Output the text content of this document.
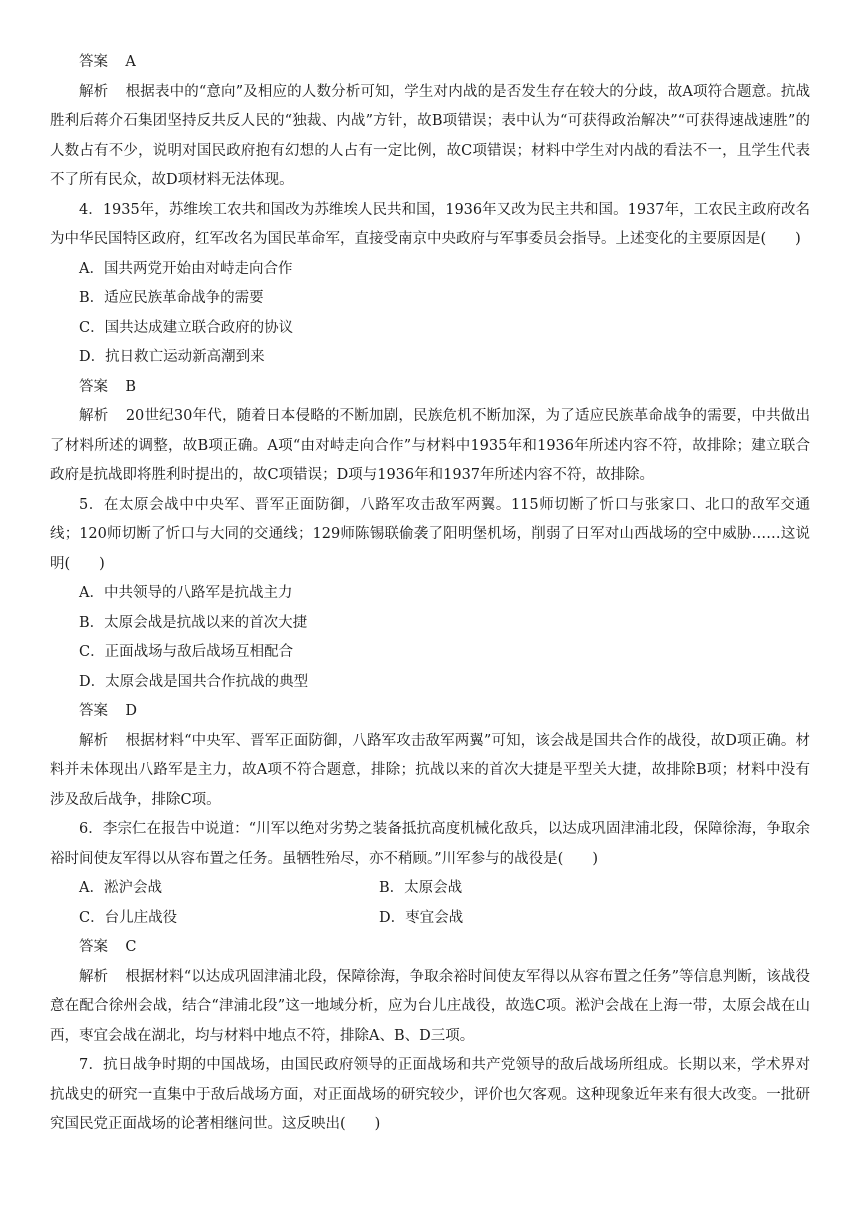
答案 A

解析 根据表中的“意向”及相应的人数分析可知，学生对内战的是否发生存在较大的分歧，故A项符合题意。抗战胜利后蒋介石集团坚持反共反人民的“独裁、内战”方针，故B项错误；表中认为“可获得政治解决”“可获得速战速胜”的人数占有不少，说明对国民政府抱有幻想的人占有一定比例，故C项错误；材料中学生对内战的看法不一，且学生代表不了所有民众，故D项材料无法体现。

4．1935年，苏维埃工农共和国改为苏维埃人民共和国，1936年又改为民主共和国。1937年，工农民主政府改名为中华民国特区政府，红军改名为国民革命军，直接受南京中央政府与军事委员会指导。上述变化的主要原因是(　　)

A．国共两党开始由对峙走向合作

B．适应民族革命战争的需要

C．国共达成建立联合政府的协议

D．抗日救亡运动新高潮到来

答案 B

解析 20世纪30年代，随着日本侵略的不断加剧，民族危机不断加深，为了适应民族革命战争的需要，中共做出了材料所述的调整，故B项正确。A项“由对峙走向合作”与材料中1935年和1936年所述内容不符，故排除；建立联合政府是抗战即将胜利时提出的，故C项错误；D项与1936年和1937年所述内容不符，故排除。

5．在太原会战中中央军、晋军正面防御，八路军攻击敌军两翼。115师切断了忻口与张家口、北口的敌军交通线；120师切断了忻口与大同的交通线；129师陈锡联偷袭了阳明堡机场，削弱了日军对山西战场的空中威胁……这说明(　　)

A．中共领导的八路军是抗战主力

B．太原会战是抗战以来的首次大捷

C．正面战场与敌后战场互相配合

D．太原会战是国共合作抗战的典型

答案 D

解析 根据材料“中央军、晋军正面防御，八路军攻击敌军两翼”可知，该会战是国共合作的战役，故D项正确。材料并未体现出八路军是主力，故A项不符合题意，排除；抗战以来的首次大捷是平型关大捷，故排除B项；材料中没有涉及敌后战争，排除C项。

6．李宗仁在报告中说道：“川军以绝对劣势之装备抵抗高度机械化敌兵，以达成巩固津浦北段，保障徐海，争取余裕时间使友军得以从容布置之任务。虽牺牲殆尽，亦不稍顾。”川军参与的战役是(　　)

A．淞沪会战	B．太原会战
C．台儿庄战役	D．枣宜会战

答案 C

解析 根据材料“以达成巩固津浦北段，保障徐海，争取余裕时间使友军得以从容布置之任务”等信息判断，该战役意在配合徐州会战，结合“津浦北段”这一地域分析，应为台儿庄战役，故选C项。淞沪会战在上海一带，太原会战在山西，枣宜会战在湖北，均与材料中地点不符，排除A、B、D三项。

7．抗日战争时期的中国战场，由国民政府领导的正面战场和共产党领导的敌后战场所组成。长期以来，学术界对抗战史的研究一直集中于敌后战场方面，对正面战场的研究较少，评价也欠客观。这种现象近年来有很大改变。一批研究国民党正面战场的论著相继问世。这反映出(　　)
